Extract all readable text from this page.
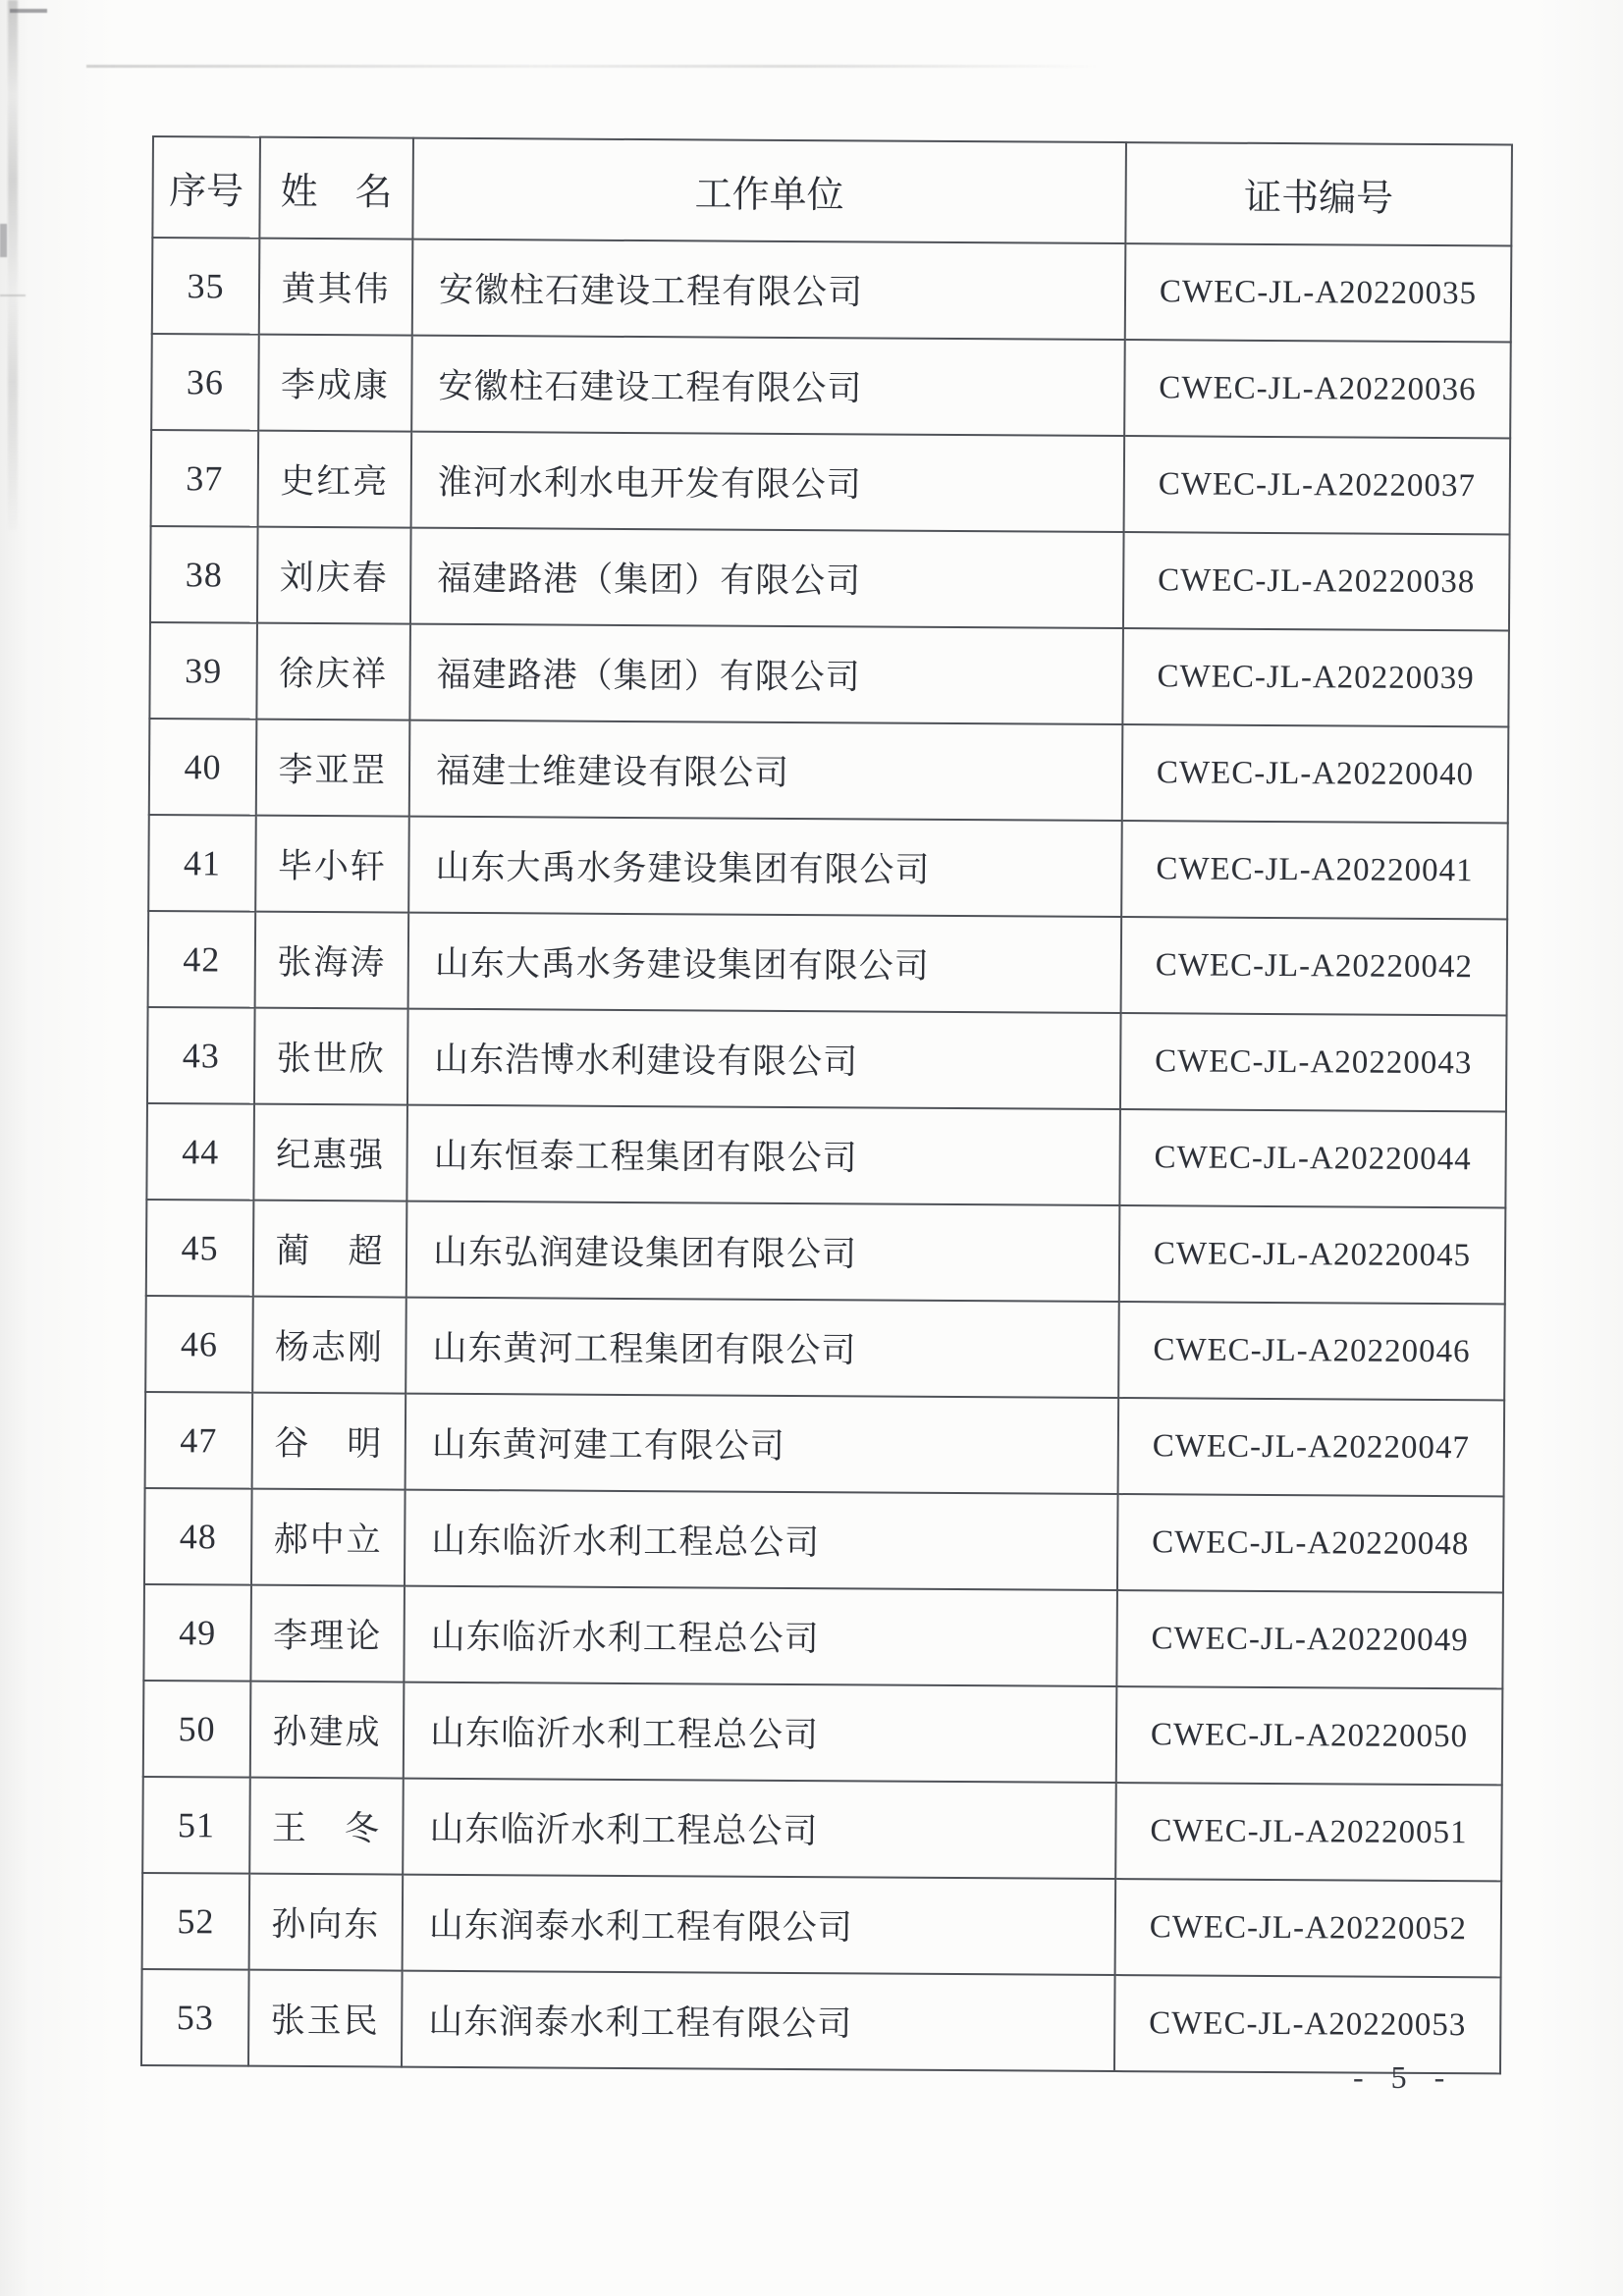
序号	姓　名	工作单位	证书编号
35	黄其伟	安徽柱石建设工程有限公司	CWEC-JL-A20220035
36	李成康	安徽柱石建设工程有限公司	CWEC-JL-A20220036
37	史红亮	淮河水利水电开发有限公司	CWEC-JL-A20220037
38	刘庆春	福建路港（集团）有限公司	CWEC-JL-A20220038
39	徐庆祥	福建路港（集团）有限公司	CWEC-JL-A20220039
40	李亚罡	福建士维建设有限公司	CWEC-JL-A20220040
41	毕小轩	山东大禹水务建设集团有限公司	CWEC-JL-A20220041
42	张海涛	山东大禹水务建设集团有限公司	CWEC-JL-A20220042
43	张世欣	山东浩博水利建设有限公司	CWEC-JL-A20220043
44	纪惠强	山东恒泰工程集团有限公司	CWEC-JL-A20220044
45	蔺　超	山东弘润建设集团有限公司	CWEC-JL-A20220045
46	杨志刚	山东黄河工程集团有限公司	CWEC-JL-A20220046
47	谷　明	山东黄河建工有限公司	CWEC-JL-A20220047
48	郝中立	山东临沂水利工程总公司	CWEC-JL-A20220048
49	李理论	山东临沂水利工程总公司	CWEC-JL-A20220049
50	孙建成	山东临沂水利工程总公司	CWEC-JL-A20220050
51	王　冬	山东临沂水利工程总公司	CWEC-JL-A20220051
52	孙向东	山东润泰水利工程有限公司	CWEC-JL-A20220052
53	张玉民	山东润泰水利工程有限公司	CWEC-JL-A20220053
- 5 -
